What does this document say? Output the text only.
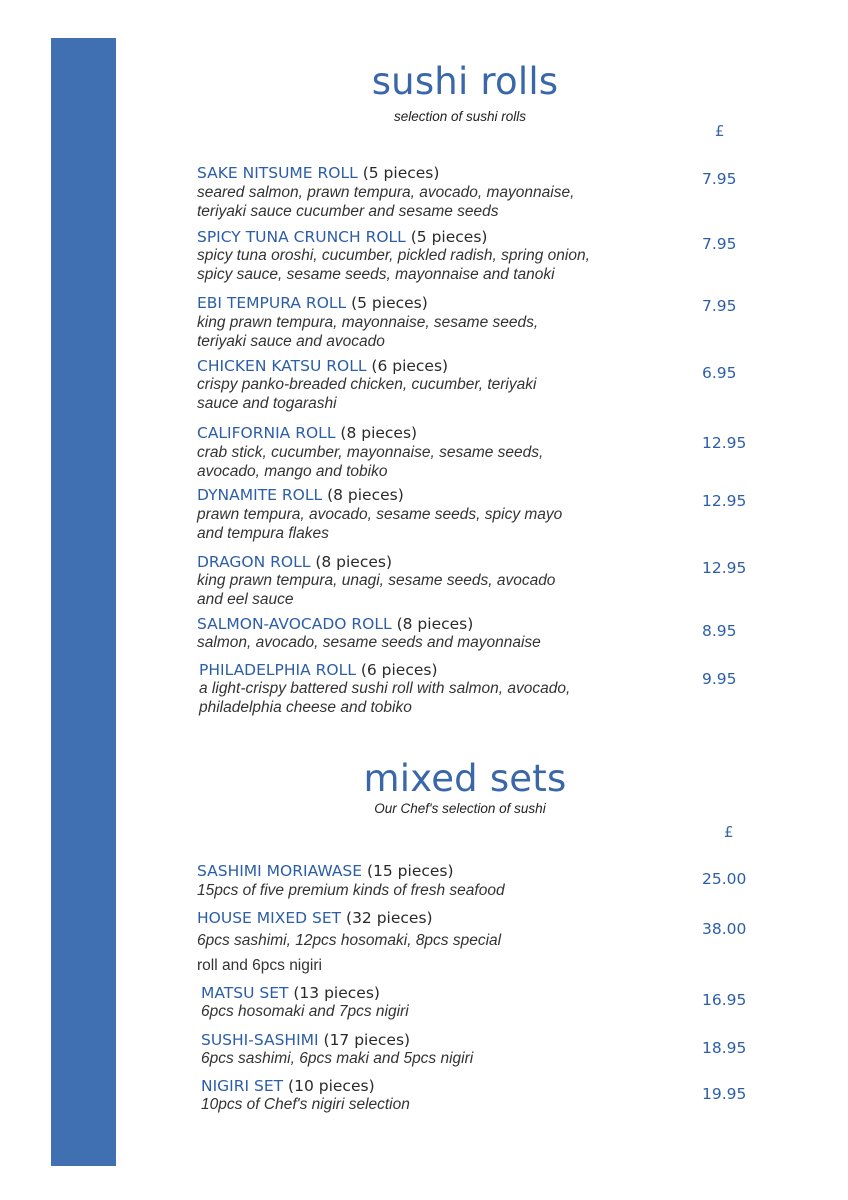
sushi rolls
selection of sushi rolls
£
SAKE NITSUME ROLL (5 pieces)
seared salmon, prawn tempura, avocado, mayonnaise,
teriyaki sauce cucumber and sesame seeds
7.95
SPICY TUNA CRUNCH ROLL (5 pieces)
spicy tuna oroshi, cucumber, pickled radish, spring onion,
spicy sauce, sesame seeds, mayonnaise and tanoki
7.95
EBI TEMPURA ROLL (5 pieces)
king prawn tempura, mayonnaise, sesame seeds,
teriyaki sauce and avocado
7.95
CHICKEN KATSU ROLL (6 pieces)
crispy panko-breaded chicken, cucumber, teriyaki
sauce and togarashi
6.95
CALIFORNIA ROLL (8 pieces)
crab stick, cucumber, mayonnaise, sesame seeds,
avocado, mango and tobiko
12.95
DYNAMITE ROLL (8 pieces)
prawn tempura, avocado, sesame seeds, spicy mayo
and tempura flakes
12.95
DRAGON ROLL (8 pieces)
king prawn tempura, unagi, sesame seeds, avocado
and eel sauce
12.95
SALMON-AVOCADO ROLL (8 pieces)
salmon, avocado, sesame seeds and mayonnaise
8.95
PHILADELPHIA ROLL (6 pieces)
a light-crispy battered sushi roll with salmon, avocado,
philadelphia cheese and tobiko
9.95
mixed sets
Our Chef's selection of sushi
£
SASHIMI MORIAWASE (15 pieces)
15pcs of five premium kinds of fresh seafood
25.00
HOUSE MIXED SET (32 pieces)
6pcs sashimi, 12pcs hosomaki, 8pcs special
roll and 6pcs nigiri
38.00
MATSU SET (13 pieces)
6pcs hosomaki and 7pcs nigiri
16.95
SUSHI-SASHIMI (17 pieces)
6pcs sashimi, 6pcs maki and 5pcs nigiri
18.95
NIGIRI SET (10 pieces)
10pcs of Chef's nigiri selection
19.95
